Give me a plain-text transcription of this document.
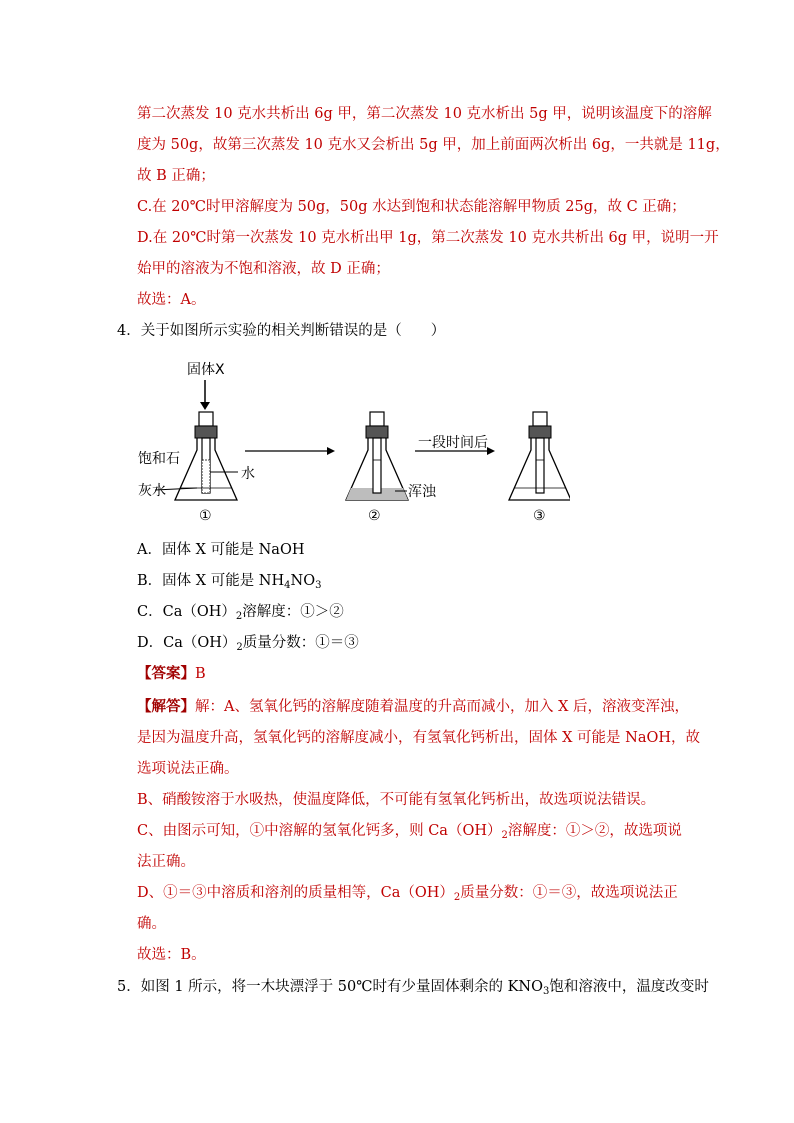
第二次蒸发 10 克水共析出 6g 甲，第二次蒸发 10 克水析出 5g 甲，说明该温度下的溶解
度为 50g，故第三次蒸发 10 克水又会析出 5g 甲，加上前面两次析出 6g，一共就是 11g，
故 B 正确；
C.在 20℃时甲溶解度为 50g，50g 水达到饱和状态能溶解甲物质 25g，故 C 正确；
D.在 20℃时第一次蒸发 10 克水析出甲 1g，第二次蒸发 10 克水共析出 6g 甲，说明一开
始甲的溶液为不饱和溶液，故 D 正确；
故选：A。
4．关于如图所示实验的相关判断错误的是（　　）
固体X
饱和石
灰水
水
①
浑浊
②
一段时间后
③
A．固体 X 可能是 NaOH
B．固体 X 可能是 $NH_4NO_3$
C．$Ca(OH)_2$溶解度：①＞②
D．$Ca(OH)_2$质量分数：①＝③
【答案】B
【解答】解：A、氢氧化钙的溶解度随着温度的升高而减小，加入 X 后，溶液变浑浊，
是因为温度升高，氢氧化钙的溶解度减小，有氢氧化钙析出，固体 X 可能是 NaOH，故
选项说法正确。
B、硝酸铵溶于水吸热，使温度降低，不可能有氢氧化钙析出，故选项说法错误。
C、由图示可知，①中溶解的氢氧化钙多，则 $Ca(OH)_2$溶解度：①＞②，故选项说
法正确。
D、①＝③中溶质和溶剂的质量相等，$Ca(OH)_2$质量分数：①＝③，故选项说法正
确。
故选：B。
5．如图 1 所示，将一木块漂浮于 50℃时有少量固体剩余的 $KNO_3$饱和溶液中，温度改变时
